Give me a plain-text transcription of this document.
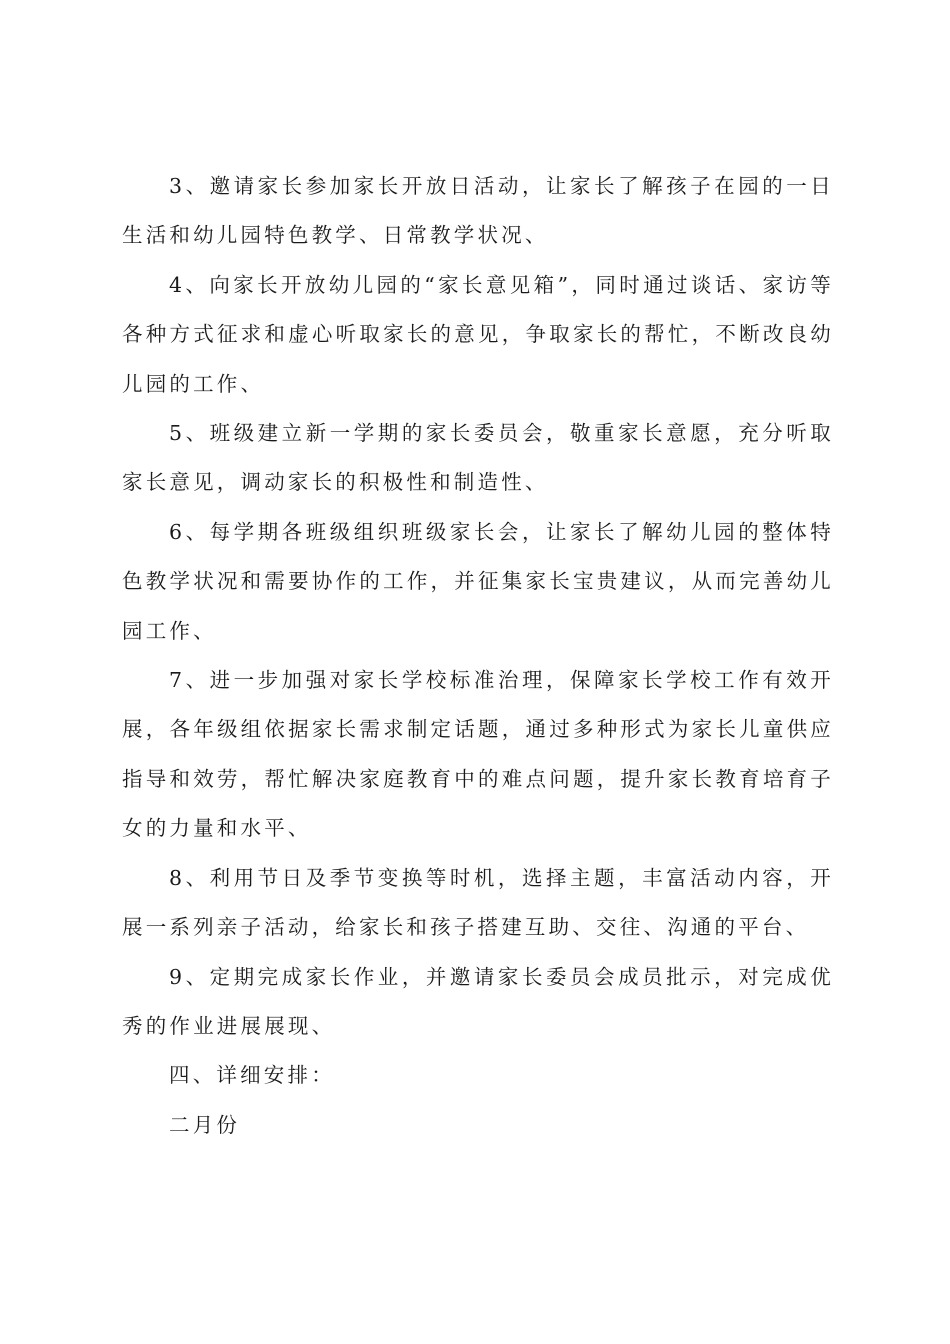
3、邀请家长参加家长开放日活动，让家长了解孩子在园的一日生活和幼儿园特色教学、日常教学状况、

4、向家长开放幼儿园的“家长意见箱”，同时通过谈话、家访等各种方式征求和虚心听取家长的意见，争取家长的帮忙，不断改良幼儿园的工作、

5、班级建立新一学期的家长委员会，敬重家长意愿，充分听取家长意见，调动家长的积极性和制造性、

6、每学期各班级组织班级家长会，让家长了解幼儿园的整体特色教学状况和需要协作的工作，并征集家长宝贵建议，从而完善幼儿园工作、

7、进一步加强对家长学校标准治理，保障家长学校工作有效开展，各年级组依据家长需求制定话题，通过多种形式为家长儿童供应指导和效劳，帮忙解决家庭教育中的难点问题，提升家长教育培育子女的力量和水平、

8、利用节日及季节变换等时机，选择主题，丰富活动内容，开展一系列亲子活动，给家长和孩子搭建互助、交往、沟通的平台、

9、定期完成家长作业，并邀请家长委员会成员批示，对完成优秀的作业进展展现、

四、详细安排：

二月份
